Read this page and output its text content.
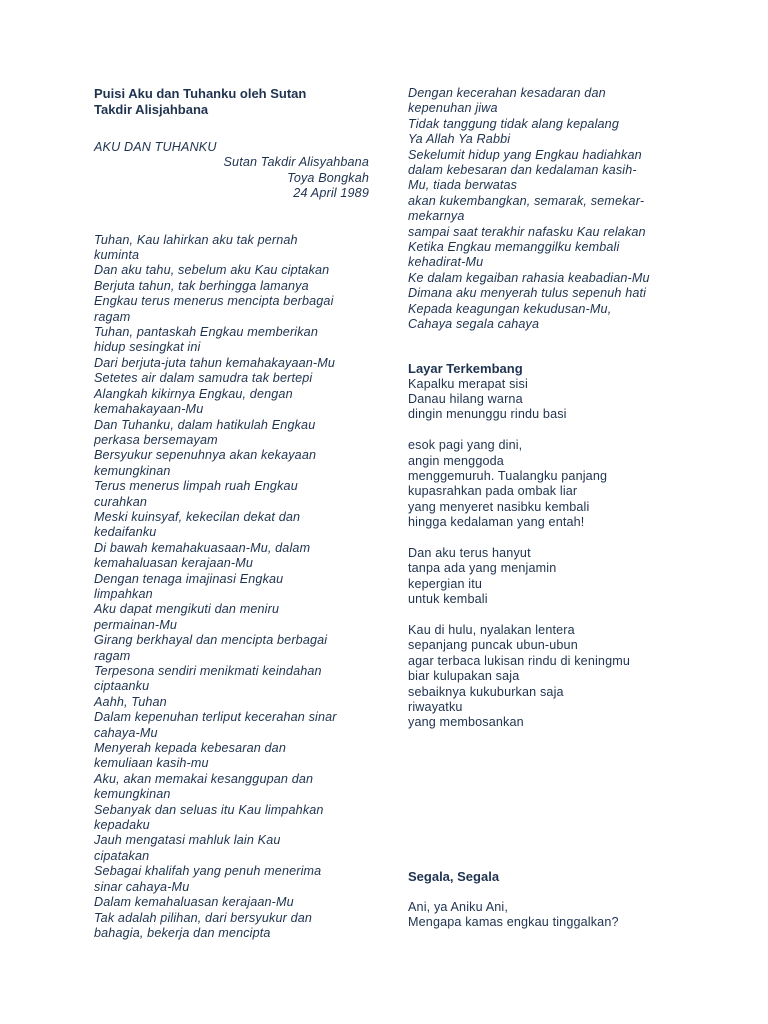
Puisi Aku dan Tuhanku oleh Sutan
Takdir Alisjahbana
AKU DAN TUHANKU
Sutan Takdir Alisyahbana
Toya Bongkah
24 April 1989
Tuhan, Kau lahirkan aku tak pernah
kuminta
Dan aku tahu, sebelum aku Kau ciptakan
Berjuta tahun, tak berhingga lamanya
Engkau terus menerus mencipta berbagai
ragam
Tuhan, pantaskah Engkau memberikan
hidup sesingkat ini
Dari berjuta-juta tahun kemahakayaan-Mu
Setetes air dalam samudra tak bertepi
Alangkah kikirnya Engkau, dengan
kemahakayaan-Mu
Dan Tuhanku, dalam hatikulah Engkau
perkasa bersemayam
Bersyukur sepenuhnya akan kekayaan
kemungkinan
Terus menerus limpah ruah Engkau
curahkan
Meski kuinsyaf, kekecilan dekat dan
kedaifanku
Di bawah kemahakuasaan-Mu, dalam
kemahaluasan kerajaan-Mu
Dengan tenaga imajinasi Engkau
limpahkan
Aku dapat mengikuti dan meniru
permainan-Mu
Girang berkhayal dan mencipta berbagai
ragam
Terpesona sendiri menikmati keindahan
ciptaanku
Aahh, Tuhan
Dalam kepenuhan terliput kecerahan sinar
cahaya-Mu
Menyerah kepada kebesaran dan
kemuliaan kasih-mu
Aku, akan memakai kesanggupan dan
kemungkinan
Sebanyak dan seluas itu Kau limpahkan
kepadaku
Jauh mengatasi mahluk lain Kau
cipatakan
Sebagai khalifah yang penuh menerima
sinar cahaya-Mu
Dalam kemahaluasan kerajaan-Mu
Tak adalah pilihan, dari bersyukur dan
bahagia, bekerja dan mencipta
Dengan kecerahan kesadaran dan
kepenuhan jiwa
Tidak tanggung tidak alang kepalang
Ya Allah Ya Rabbi
Sekelumit hidup yang Engkau hadiahkan
dalam kebesaran dan kedalaman kasih-
Mu, tiada berwatas
akan kukembangkan, semarak, semekar-
mekarnya
sampai saat terakhir nafasku Kau relakan
Ketika Engkau memanggilku kembali
kehadirat-Mu
Ke dalam kegaiban rahasia keabadian-Mu
Dimana aku menyerah tulus sepenuh hati
Kepada keagungan kekudusan-Mu,
Cahaya segala cahaya
Layar Terkembang
Kapalku merapat sisi
Danau hilang warna
dingin menunggu rindu basi
esok pagi yang dini,
angin menggoda
menggemuruh. Tualangku panjang
kupasrahkan pada ombak liar
yang menyeret nasibku kembali
hingga kedalaman yang entah!
Dan aku terus hanyut
tanpa ada yang menjamin
kepergian itu
untuk kembali
Kau di hulu, nyalakan lentera
sepanjang puncak ubun-ubun
agar terbaca lukisan rindu di keningmu
biar kulupakan saja
sebaiknya kukuburkan saja
riwayatku
yang membosankan
Segala, Segala
Ani, ya Aniku Ani,
Mengapa kamas engkau tinggalkan?
